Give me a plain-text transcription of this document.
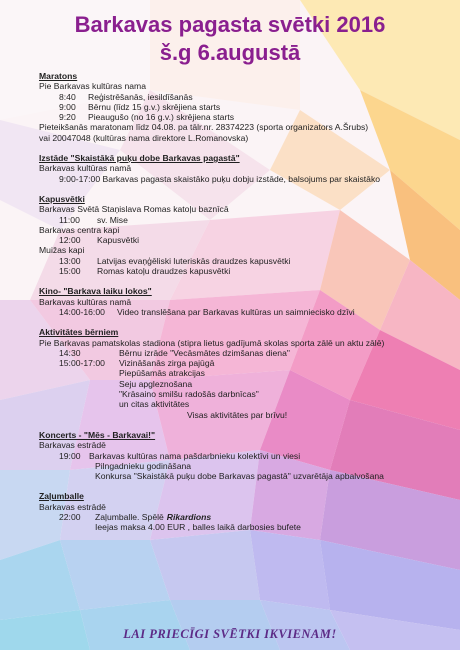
Barkavas pagasta svētki 2016
š.g 6.augustā
Maratons
Pie Barkavas kultūras nama
8:40	Reģistrēšanās, iesildīšanās
9:00	Bērnu (līdz 15 g.v.) skrējiena starts
9:20	Pieaugušo (no 16 g.v.) skrējiena starts
Pieteikšanās maratonam līdz 04.08. pa tālr.nr. 28374223 (sporta organizators A.Šrubs)
vai 20047048 (kultūras nama direktore L.Romanovska)
Izstāde "Skaistākā puķu dobe Barkavas pagastā"
Barkavas kultūras namā
9:00-17:00 Barkavas pagasta skaistāko puķu dobju izstāde, balsojums par skaistāko
Kapusvētki
Barkavas Svētā Staņislava Romas katoļu baznīcā
11:00	sv. Mise
Barkavas centra kapi
12:00	Kapusvētki
Muižas kapi
13:00	Latvijas evaņģēliski luteriskās draudzes kapusvētki
15:00	Romas katoļu draudzes kapusvētki
Kino- "Barkava laiku lokos"
Barkavas kultūras namā
14:00-16:00	Video translēšana par Barkavas kultūras un saimniecisko dzīvi
Aktivitātes bērniem
Pie Barkavas pamatskolas stadiona (stipra lietus gadījumā skolas sporta zālē un aktu zālē)
14:30	Bērnu izrāde "Vecāsmātes dzimšanas diena"
15:00-17:00	Vizināšanās zirga pajūgā
Piepūšamās atrakcijas
Seju apgleznošana
"Krāsaino smilšu radošās darbnīcas"
un citas aktivitātes
Visas aktivitātes par brīvu!
Koncerts - "Mēs - Barkavai!"
Barkavas estrādē
19:00 Barkavas kultūras nama pašdarbnieku kolektīvi un viesi
Pilngadnieku godināšana
Konkursa "Skaistākā puķu dobe Barkavas pagastā" uzvarētāja apbalvošana
Zaļumballe
Barkavas estrādē
22:00	Zaļumballe. Spēlē Rikardions
Ieejas maksa 4.00 EUR , balles laikā darbosies bufete
LAI PRIECĪGI SVĒTKI IKVIENAM!
